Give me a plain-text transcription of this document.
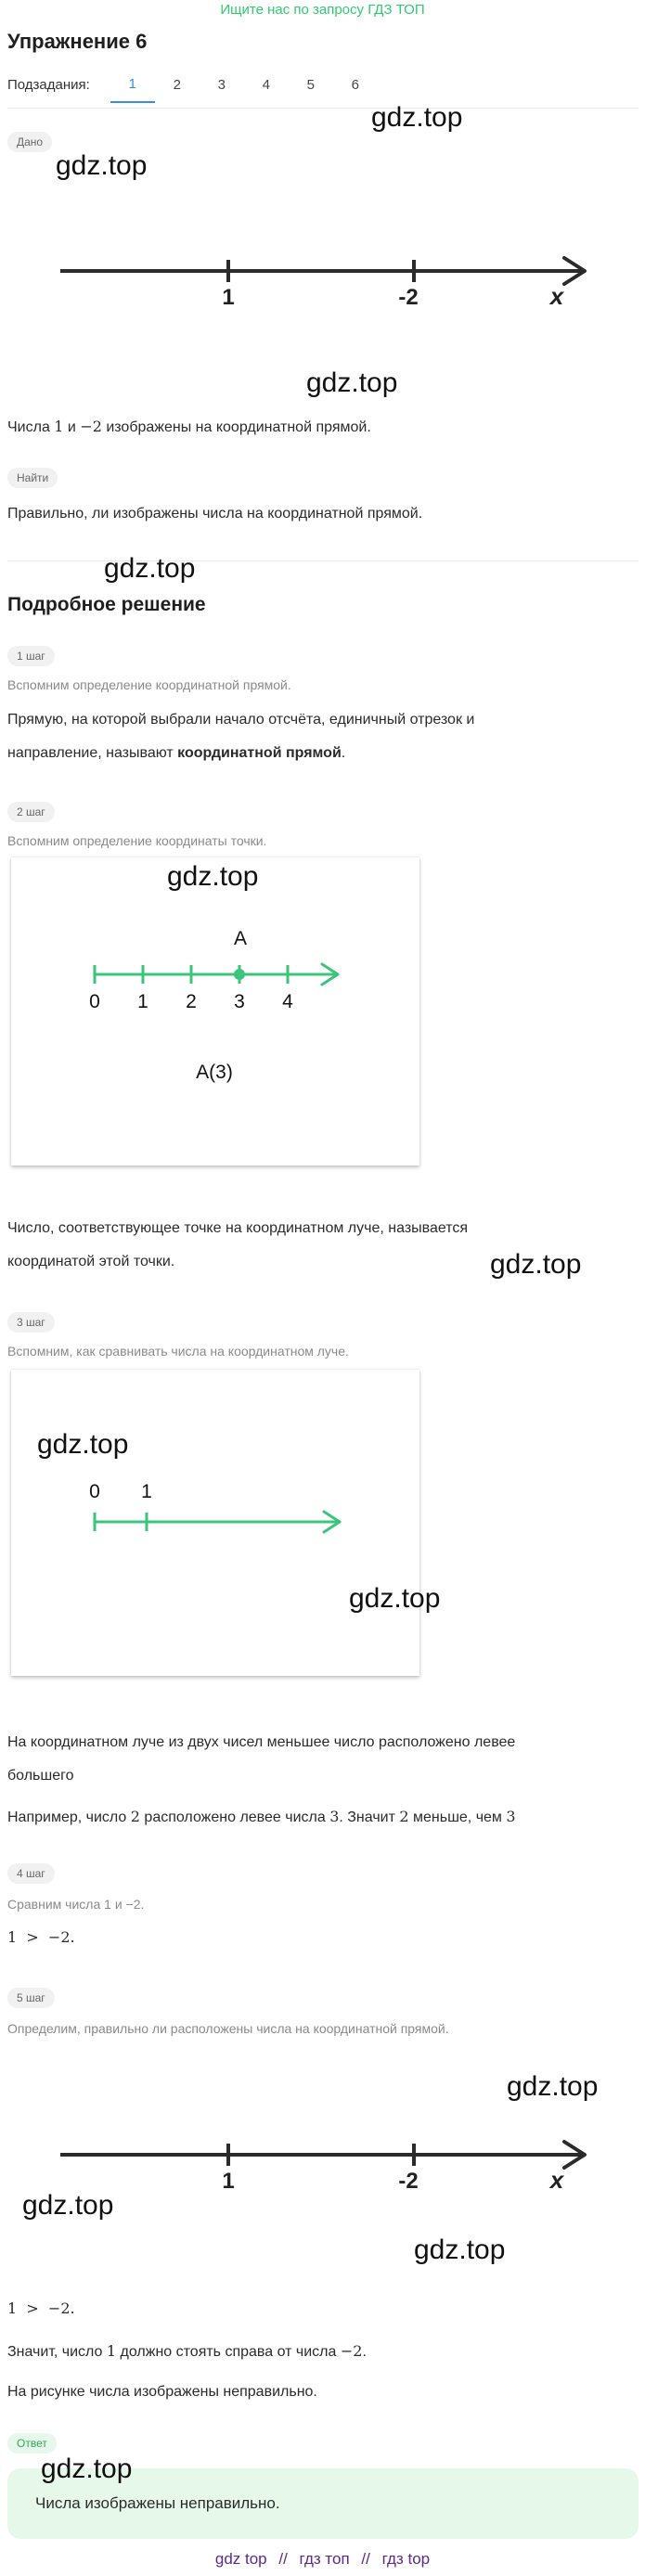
Ищите нас по запросу ГДЗ ТОП
Упражнение 6
Подзадания:	1	2	3	4	5	6
Дано
gdz.top
gdz.top
1	-2	x
gdz.top
Числа 1 и −2 изображены на координатной прямой.
Найти
Правильно, ли изображены числа на координатной прямой.
gdz.top
Подробное решение
1 шаг
Вспомним определение координатной прямой.
Прямую, на которой выбрали начало отсчёта, единичный отрезок и
направление, называют координатной прямой.
2 шаг
Вспомним определение координаты точки.
gdz.top
A
0 1 2 3 4
A(3)
Число, соответствующее точке на координатном луче, называется
координатой этой точки.	gdz.top
3 шаг
Вспомним, как сравнивать числа на координатном луче.
gdz.top
gdz.top
0 1
На координатном луче из двух чисел меньшее число расположено левее
большего
Например, число 2 расположено левее числа 3. Значит 2 меньше, чем 3
4 шаг
Сравним числа 1 и −2.
1  >  −2.
5 шаг
Определим, правильно ли расположены числа на координатной прямой.
gdz.top
1	-2	x
gdz.top
gdz.top
1  >  −2.
Значит, число 1 должно стоять справа от числа −2.
На рисунке числа изображены неправильно.
Ответ
Числа изображены неправильно.
gdz.top
gdz top // гдз топ // гдз top
